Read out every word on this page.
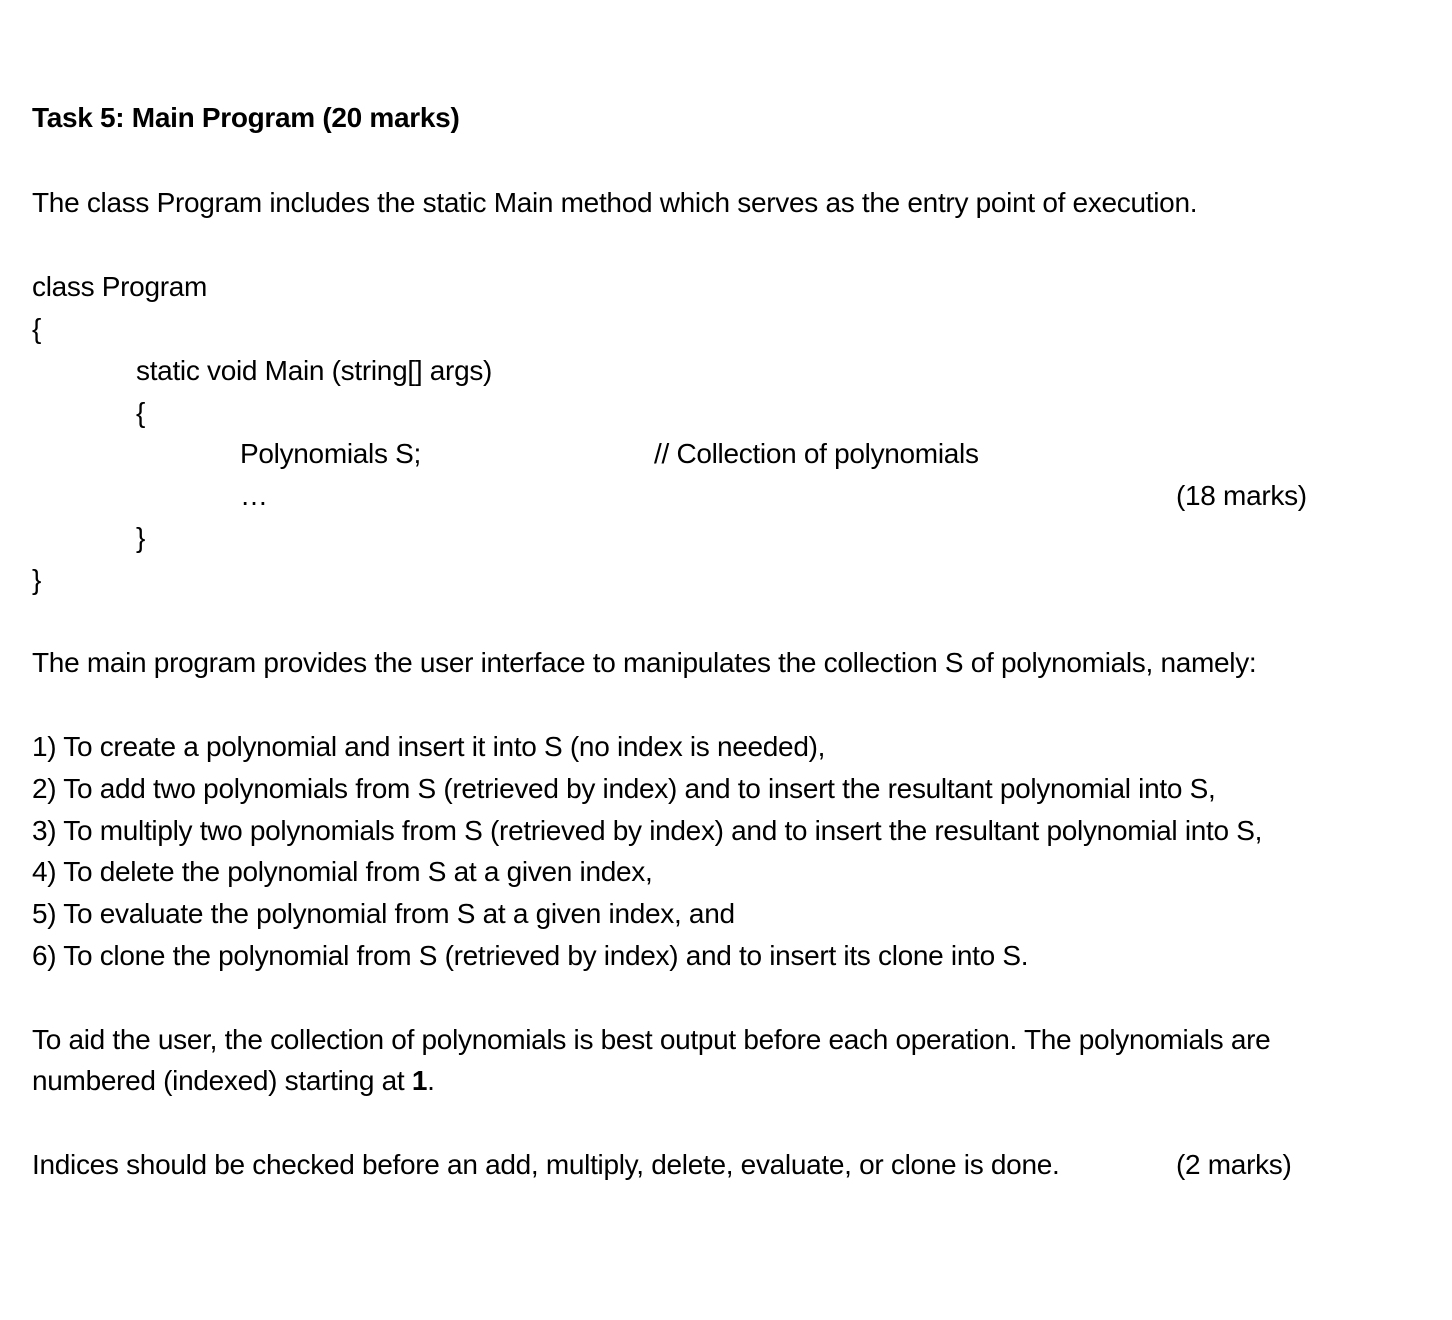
Task 5: Main Program (20 marks)
The class Program includes the static Main method which serves as the entry point of execution.
class Program
{
static void Main (string[] args)
{
Polynomials S;	// Collection of polynomials
…	(18 marks)
}
}
The main program provides the user interface to manipulates the collection S of polynomials, namely:
1) To create a polynomial and insert it into S (no index is needed),
2) To add two polynomials from S (retrieved by index) and to insert the resultant polynomial into S,
3) To multiply two polynomials from S (retrieved by index) and to insert the resultant polynomial into S,
4) To delete the polynomial from S at a given index,
5) To evaluate the polynomial from S at a given index, and
6) To clone the polynomial from S (retrieved by index) and to insert its clone into S.
To aid the user, the collection of polynomials is best output before each operation. The polynomials are
numbered (indexed) starting at 1.
Indices should be checked before an add, multiply, delete, evaluate, or clone is done.	(2 marks)
